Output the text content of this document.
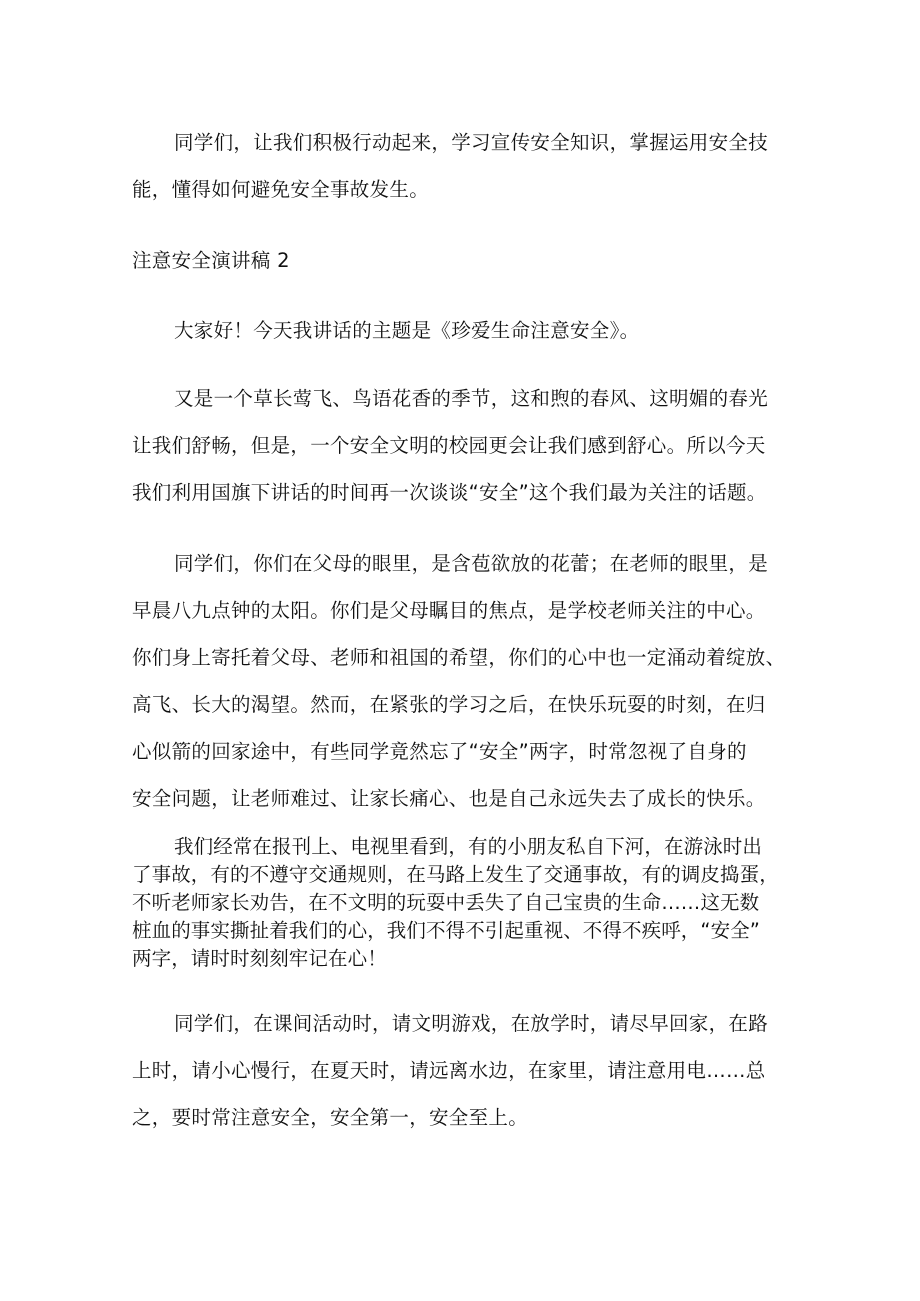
同学们，让我们积极行动起来，学习宣传安全知识，掌握运用安全技
能，懂得如何避免安全事故发生。
注意安全演讲稿 2
大家好！今天我讲话的主题是《珍爱生命注意安全》。
又是一个草长莺飞、鸟语花香的季节，这和煦的春风、这明媚的春光
让我们舒畅，但是，一个安全文明的校园更会让我们感到舒心。所以今天
我们利用国旗下讲话的时间再一次谈谈“安全”这个我们最为关注的话题。
同学们，你们在父母的眼里，是含苞欲放的花蕾；在老师的眼里，是
早晨八九点钟的太阳。你们是父母瞩目的焦点，是学校老师关注的中心。
你们身上寄托着父母、老师和祖国的希望，你们的心中也一定涌动着绽放、
高飞、长大的渴望。然而，在紧张的学习之后，在快乐玩耍的时刻，在归
心似箭的回家途中，有些同学竟然忘了“安全”两字，时常忽视了自身的
安全问题，让老师难过、让家长痛心、也是自己永远失去了成长的快乐。
我们经常在报刊上、电视里看到，有的小朋友私自下河，在游泳时出
了事故，有的不遵守交通规则，在马路上发生了交通事故，有的调皮捣蛋，
不听老师家长劝告，在不文明的玩耍中丢失了自己宝贵的生命……这无数
桩血的事实撕扯着我们的心，我们不得不引起重视、不得不疾呼，“安全”
两字，请时时刻刻牢记在心！
同学们，在课间活动时，请文明游戏，在放学时，请尽早回家，在路
上时，请小心慢行，在夏天时，请远离水边，在家里，请注意用电……总
之，要时常注意安全，安全第一，安全至上。
